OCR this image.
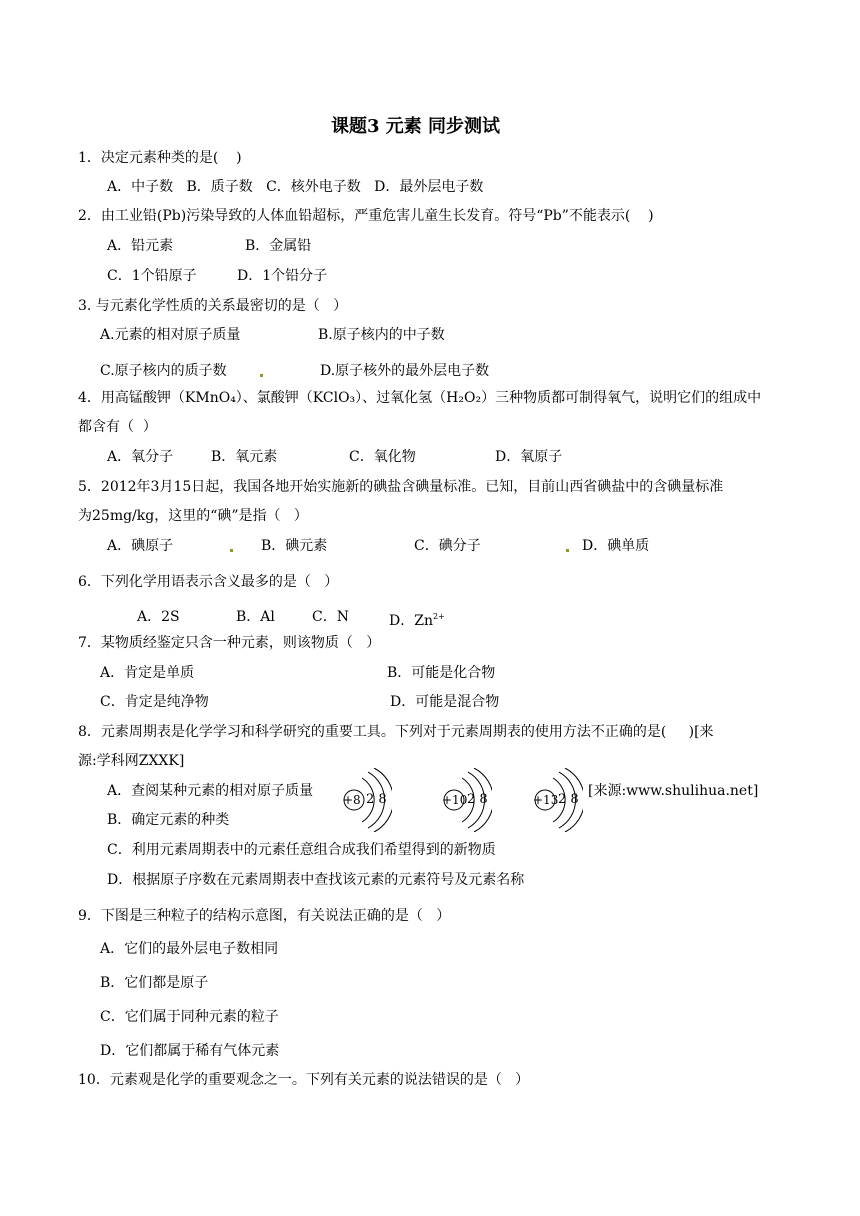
课题3 元素 同步测试
1．决定元素种类的是(    )
A．中子数   B．质子数   C．核外电子数   D．最外层电子数
2．由工业铅(Pb)污染导致的人体血铅超标，严重危害儿童生长发育。符号“Pb”不能表示(    )
A．铅元素	B．金属铅
C．1个铅原子	D．1个铅分子
3. 与元素化学性质的关系最密切的是（   ）
A.元素的相对原子质量	B.原子核内的中子数
C.原子核内的质子数	D.原子核外的最外层电子数
4．用高锰酸钾（KMnO₄）、氯酸钾（KClO₃）、过氧化氢（H₂O₂）三种物质都可制得氧气，说明它们的组成中
都含有（  ）
A．氧分子	B．氧元素	C．氧化物	D．氧原子
5．2012年3月15日起，我国各地开始实施新的碘盐含碘量标准。已知，目前山西省碘盐中的含碘量标准
为25mg/kg，这里的“碘”是指（   ）
A．碘原子	B．碘元素	C．碘分子	D．碘单质
6．下列化学用语表示含义最多的是（   ）
A．2S	B．Al	C．N	D．$Zn^{2+}$
7．某物质经鉴定只含一种元素，则该物质（   ）
A．肯定是单质	B．可能是化合物
C．肯定是纯净物	D．可能是混合物
8．元素周期表是化学学习和科学研究的重要工具。下列对于元素周期表的使用方法不正确的是(     )[来
源:学科网ZXXK]
A．查阅某种元素的相对原子质量
+8 2 8	+10 2 8	+13 2 8
[来源:www.shulihua.net]
B．确定元素的种类
C．利用元素周期表中的元素任意组合成我们希望得到的新物质
D．根据原子序数在元素周期表中查找该元素的元素符号及元素名称
9．下图是三种粒子的结构示意图，有关说法正确的是（   ）
A．它们的最外层电子数相同
B．它们都是原子
C．它们属于同种元素的粒子
D．它们都属于稀有气体元素
10．元素观是化学的重要观念之一。下列有关元素的说法错误的是（   ）
